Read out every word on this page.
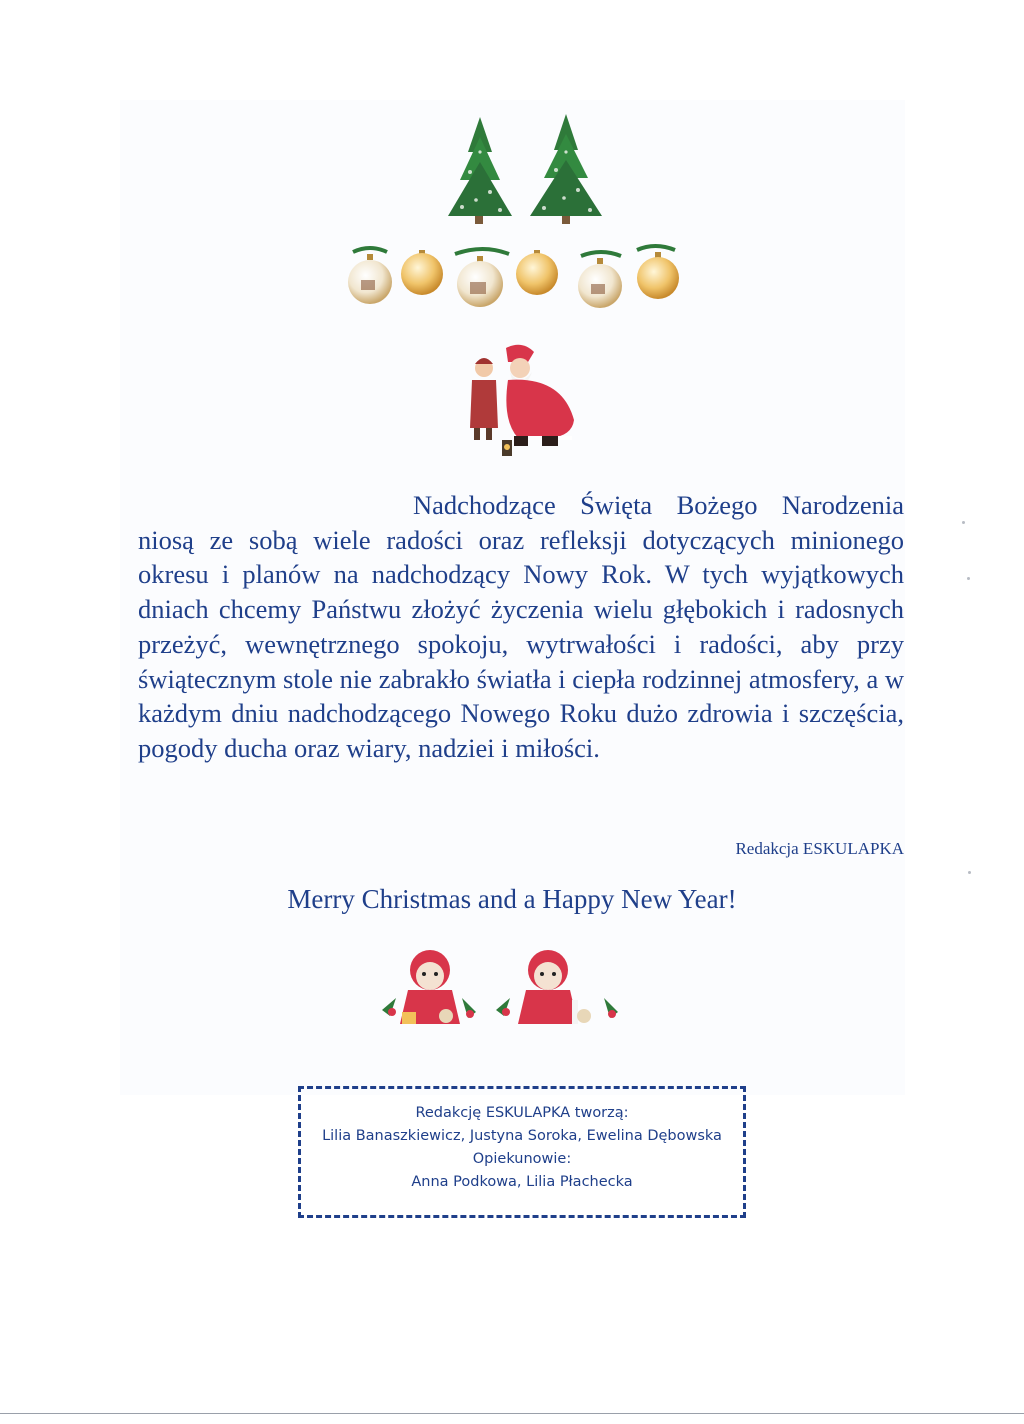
Nadchodzące Święta Bożego Narodzenia niosą ze sobą wiele radości oraz refleksji dotyczących minionego okresu i planów na nadchodzący Nowy Rok. W tych wyjątkowych dniach chcemy Państwu złożyć życzenia wielu głębokich i radosnych przeżyć, wewnętrznego spokoju, wytrwałości i radości, aby przy świątecznym stole nie zabrakło światła i ciepła rodzinnej atmosfery, a w każdym dniu nadchodzącego Nowego Roku dużo zdrowia i szczęścia, pogody ducha oraz wiary, nadziei i miłości.

Redakcja ESKULAPKA

Merry Christmas and a Happy New Year!

Redakcję ESKULAPKA tworzą:
Lilia Banaszkiewicz, Justyna Soroka, Ewelina Dębowska
Opiekunowie:
Anna Podkowa, Lilia Płachecka
